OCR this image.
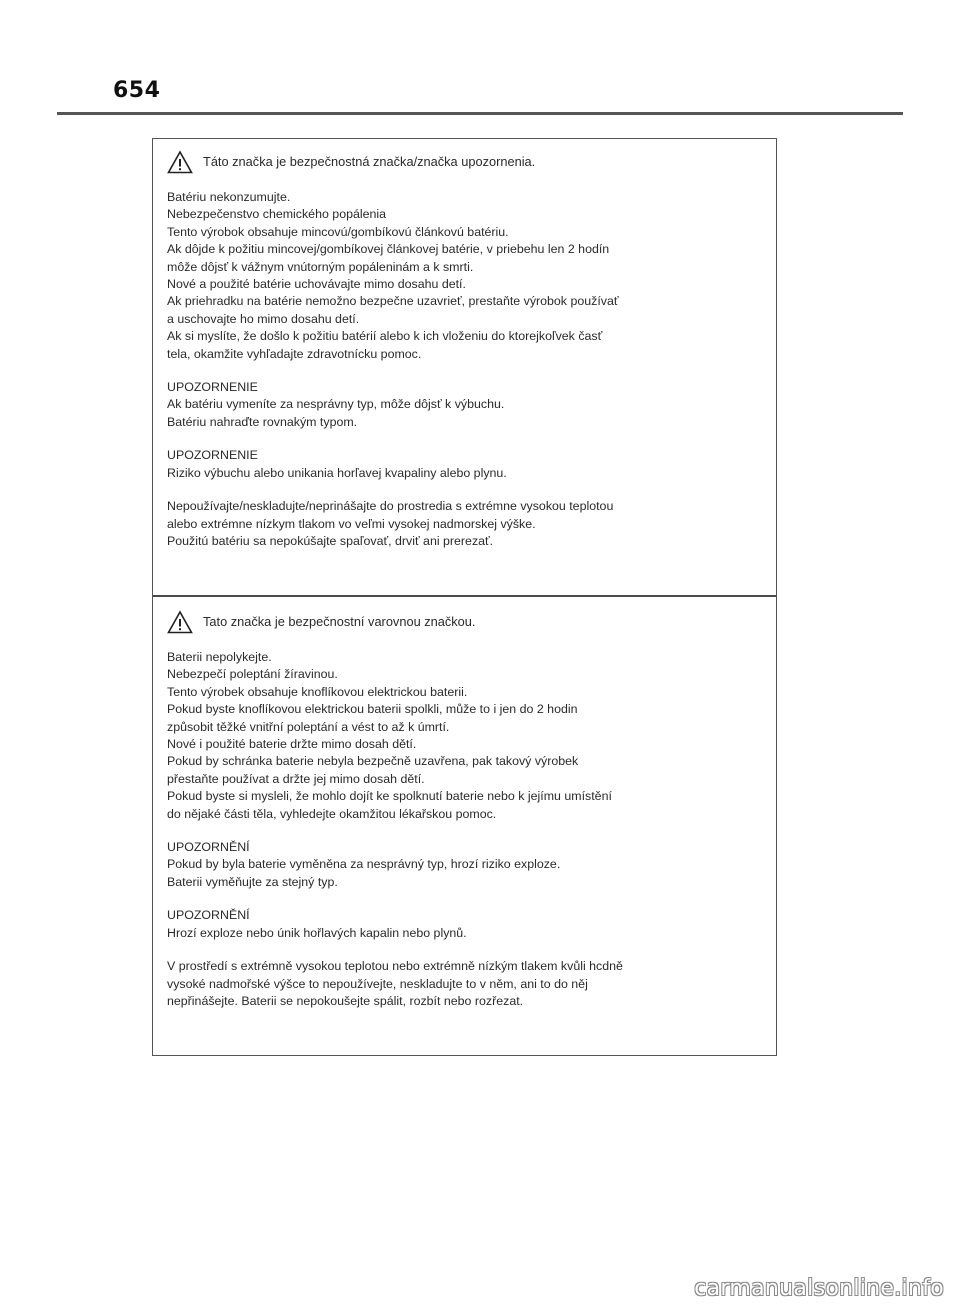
654
Táto značka je bezpečnostná značka/značka upozornenia.
Batériu nekonzumujte.
Nebezpečenstvo chemického popálenia
Tento výrobok obsahuje mincovú/gombíkovú článkovú batériu.
Ak dôjde k požitiu mincovej/gombíkovej článkovej batérie, v priebehu len 2 hodín
môže dôjsť k vážnym vnútorným popáleninám a k smrti.
Nové a použité batérie uchovávajte mimo dosahu detí.
Ak priehradku na batérie nemožno bezpečne uzavrieť, prestaňte výrobok používať
a uschovajte ho mimo dosahu detí.
Ak si myslíte, že došlo k požitiu batérií alebo k ich vloženiu do ktorejkoľvek časť
tela, okamžite vyhľadajte zdravotnícku pomoc.
UPOZORNENIE
Ak batériu vymeníte za nesprávny typ, môže dôjsť k výbuchu.
Batériu nahraďte rovnakým typom.
UPOZORNENIE
Riziko výbuchu alebo unikania horľavej kvapaliny alebo plynu.
Nepoužívajte/neskladujte/neprinášajte do prostredia s extrémne vysokou teplotou
alebo extrémne nízkym tlakom vo veľmi vysokej nadmorskej výške.
Použitú batériu sa nepokúšajte spaľovať, drviť ani prerezať.
Tato značka je bezpečnostní varovnou značkou.
Baterii nepolykejte.
Nebezpečí poleptání žíravinou.
Tento výrobek obsahuje knoflíkovou elektrickou baterii.
Pokud byste knoflíkovou elektrickou baterii spolkli, může to i jen do 2 hodin
způsobit těžké vnitřní poleptání a vést to až k úmrtí.
Nové i použité baterie držte mimo dosah dětí.
Pokud by schránka baterie nebyla bezpečně uzavřena, pak takový výrobek
přestaňte používat a držte jej mimo dosah dětí.
Pokud byste si mysleli, že mohlo dojít ke spolknutí baterie nebo k jejímu umístění
do nějaké části těla, vyhledejte okamžitou lékařskou pomoc.
UPOZORNĚNÍ
Pokud by byla baterie vyměněna za nesprávný typ, hrozí riziko exploze.
Baterii vyměňujte za stejný typ.
UPOZORNĚNÍ
Hrozí exploze nebo únik hořlavých kapalin nebo plynů.
V prostředí s extrémně vysokou teplotou nebo extrémně nízkým tlakem kvůli hcdně
vysoké nadmořské výšce to nepoužívejte, neskladujte to v něm, ani to do něj
nepřinášejte. Baterii se nepokoušejte spálit, rozbít nebo rozřezat.
carmanualsonline.info
